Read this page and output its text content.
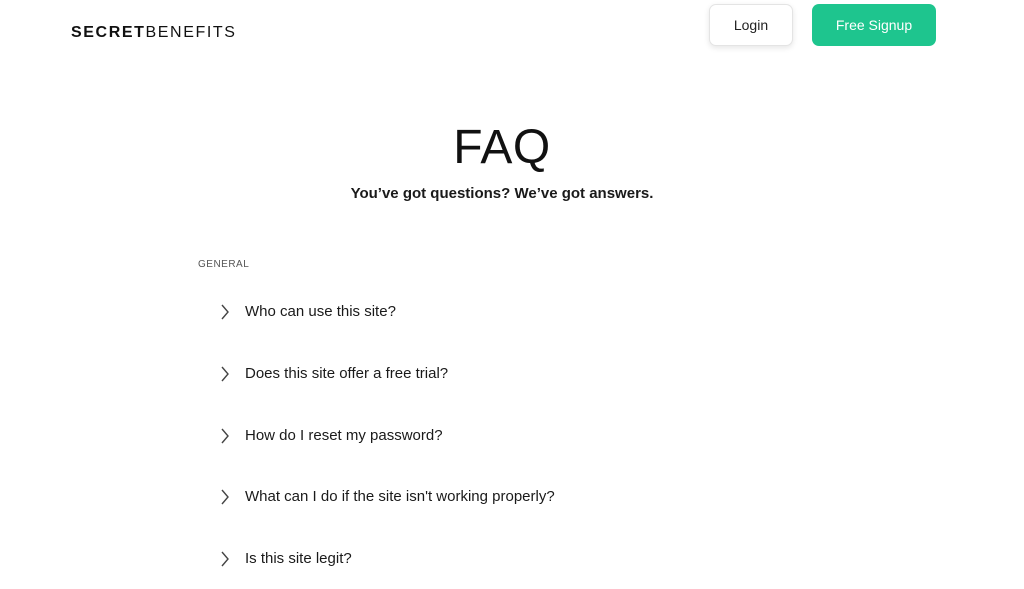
SECRETBENEFITS	Login	Free Signup
FAQ
You’ve got questions? We’ve got answers.
GENERAL
Who can use this site?
Does this site offer a free trial?
How do I reset my password?
What can I do if the site isn't working properly?
Is this site legit?
